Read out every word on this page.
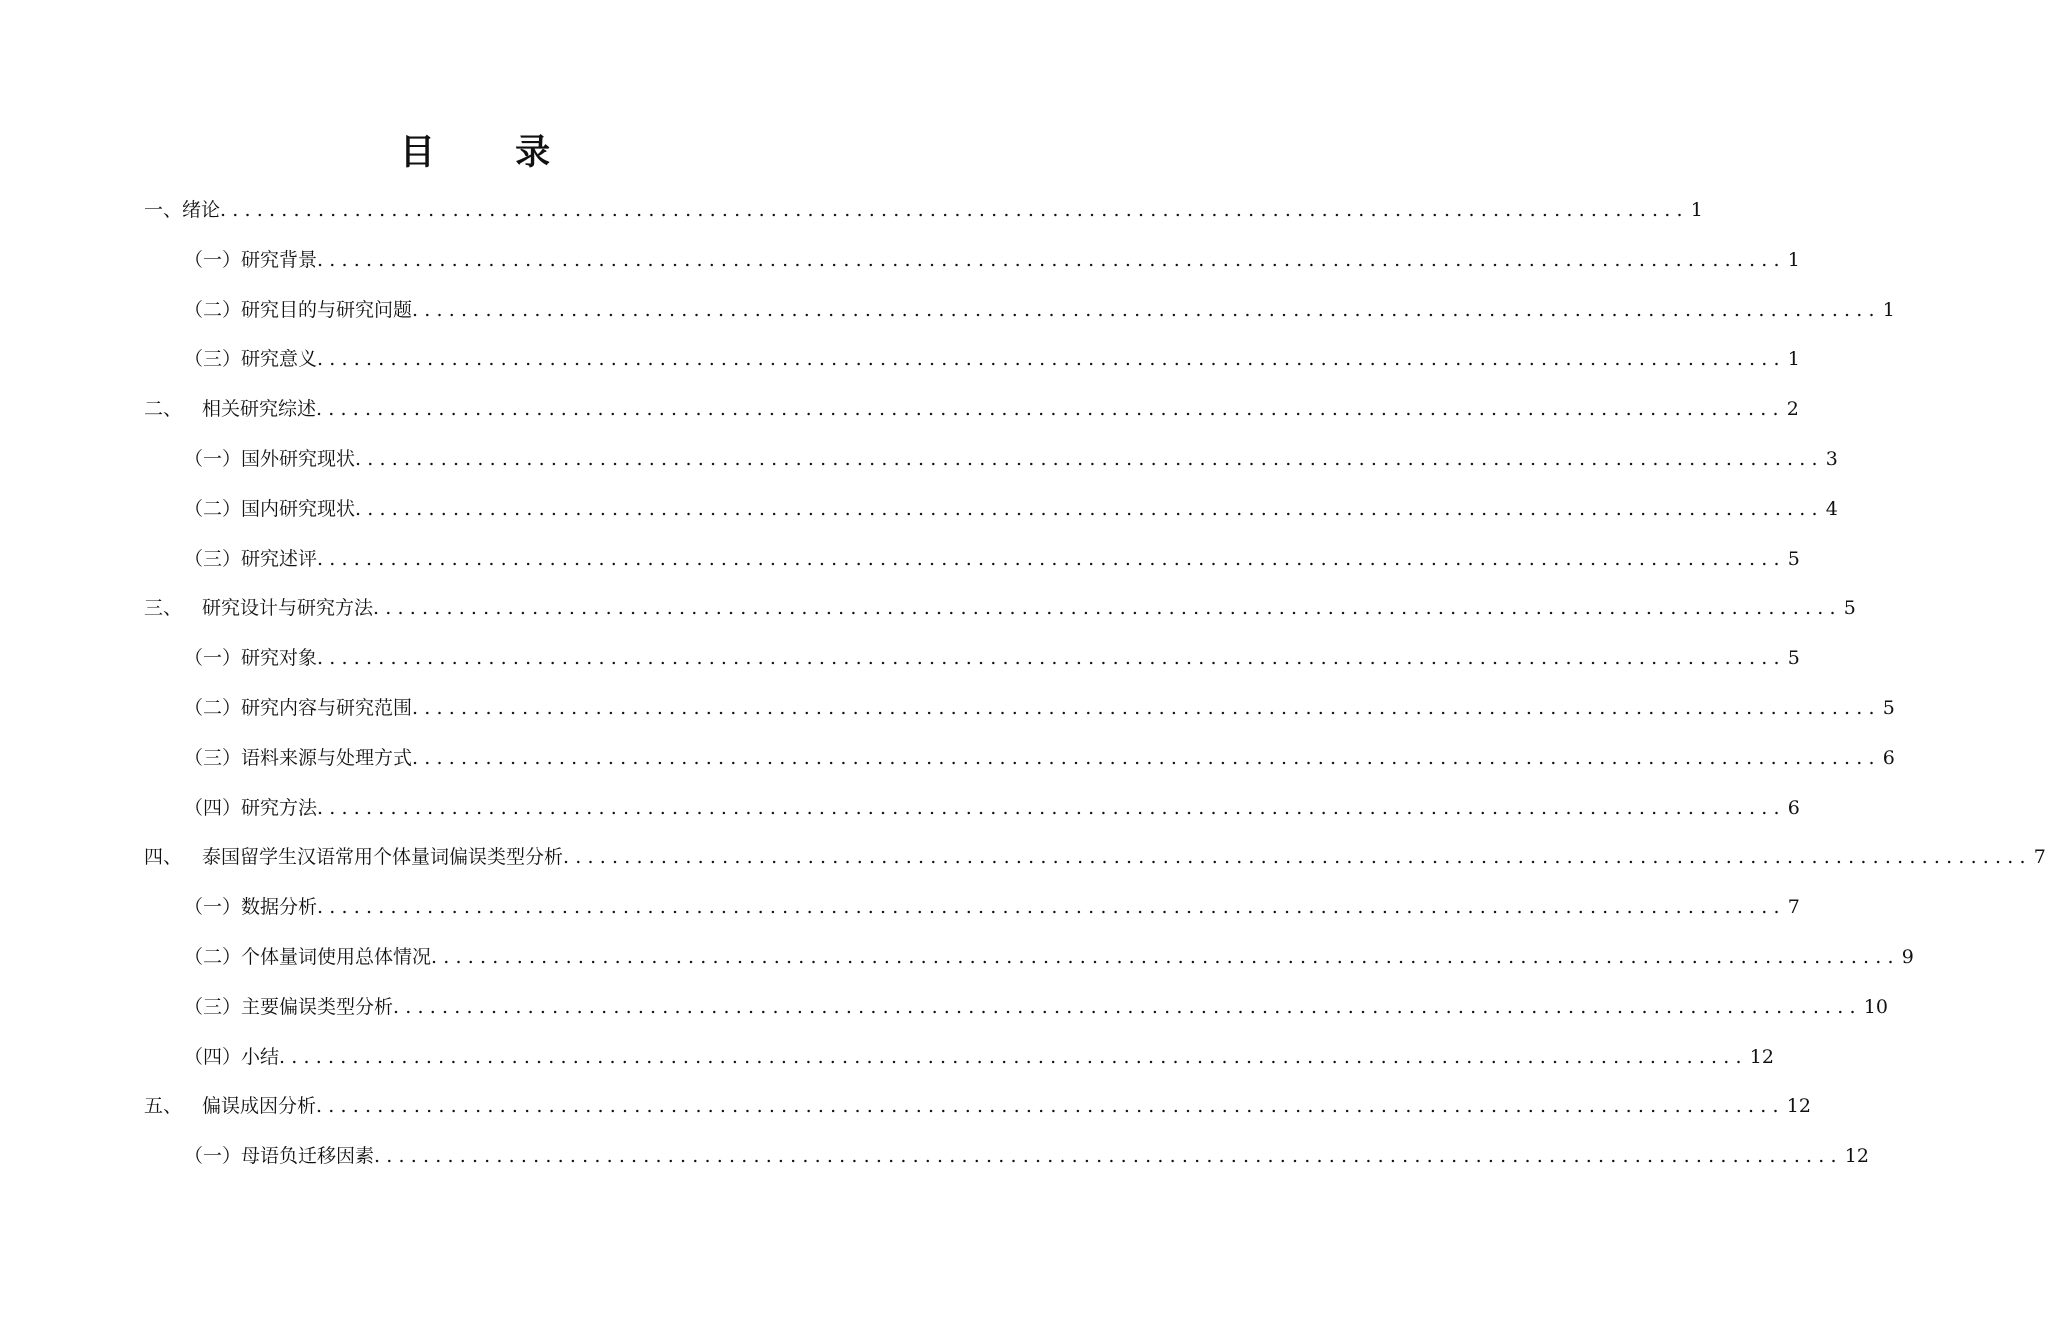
目 录
一、绪论 ........................................................................................................................ 1
（一）研究背景 ........................................................................................................................ 1
（二）研究目的与研究问题 ........................................................................................................................ 1
（三）研究意义 ........................................................................................................................ 1
二、 相关研究综述 ........................................................................................................................ 2
（一）国外研究现状 ........................................................................................................................ 3
（二）国内研究现状 ........................................................................................................................ 4
（三）研究述评 ........................................................................................................................ 5
三、 研究设计与研究方法 ........................................................................................................................ 5
（一）研究对象 ........................................................................................................................ 5
（二）研究内容与研究范围 ........................................................................................................................ 5
（三）语料来源与处理方式 ........................................................................................................................ 6
（四）研究方法 ........................................................................................................................ 6
四、 泰国留学生汉语常用个体量词偏误类型分析 ........................................................................................................................ 7
（一）数据分析 ........................................................................................................................ 7
（二）个体量词使用总体情况 ........................................................................................................................ 9
（三）主要偏误类型分析 ........................................................................................................................ 10
（四）小结 ........................................................................................................................ 12
五、 偏误成因分析 ........................................................................................................................ 12
（一）母语负迁移因素 ........................................................................................................................ 12
